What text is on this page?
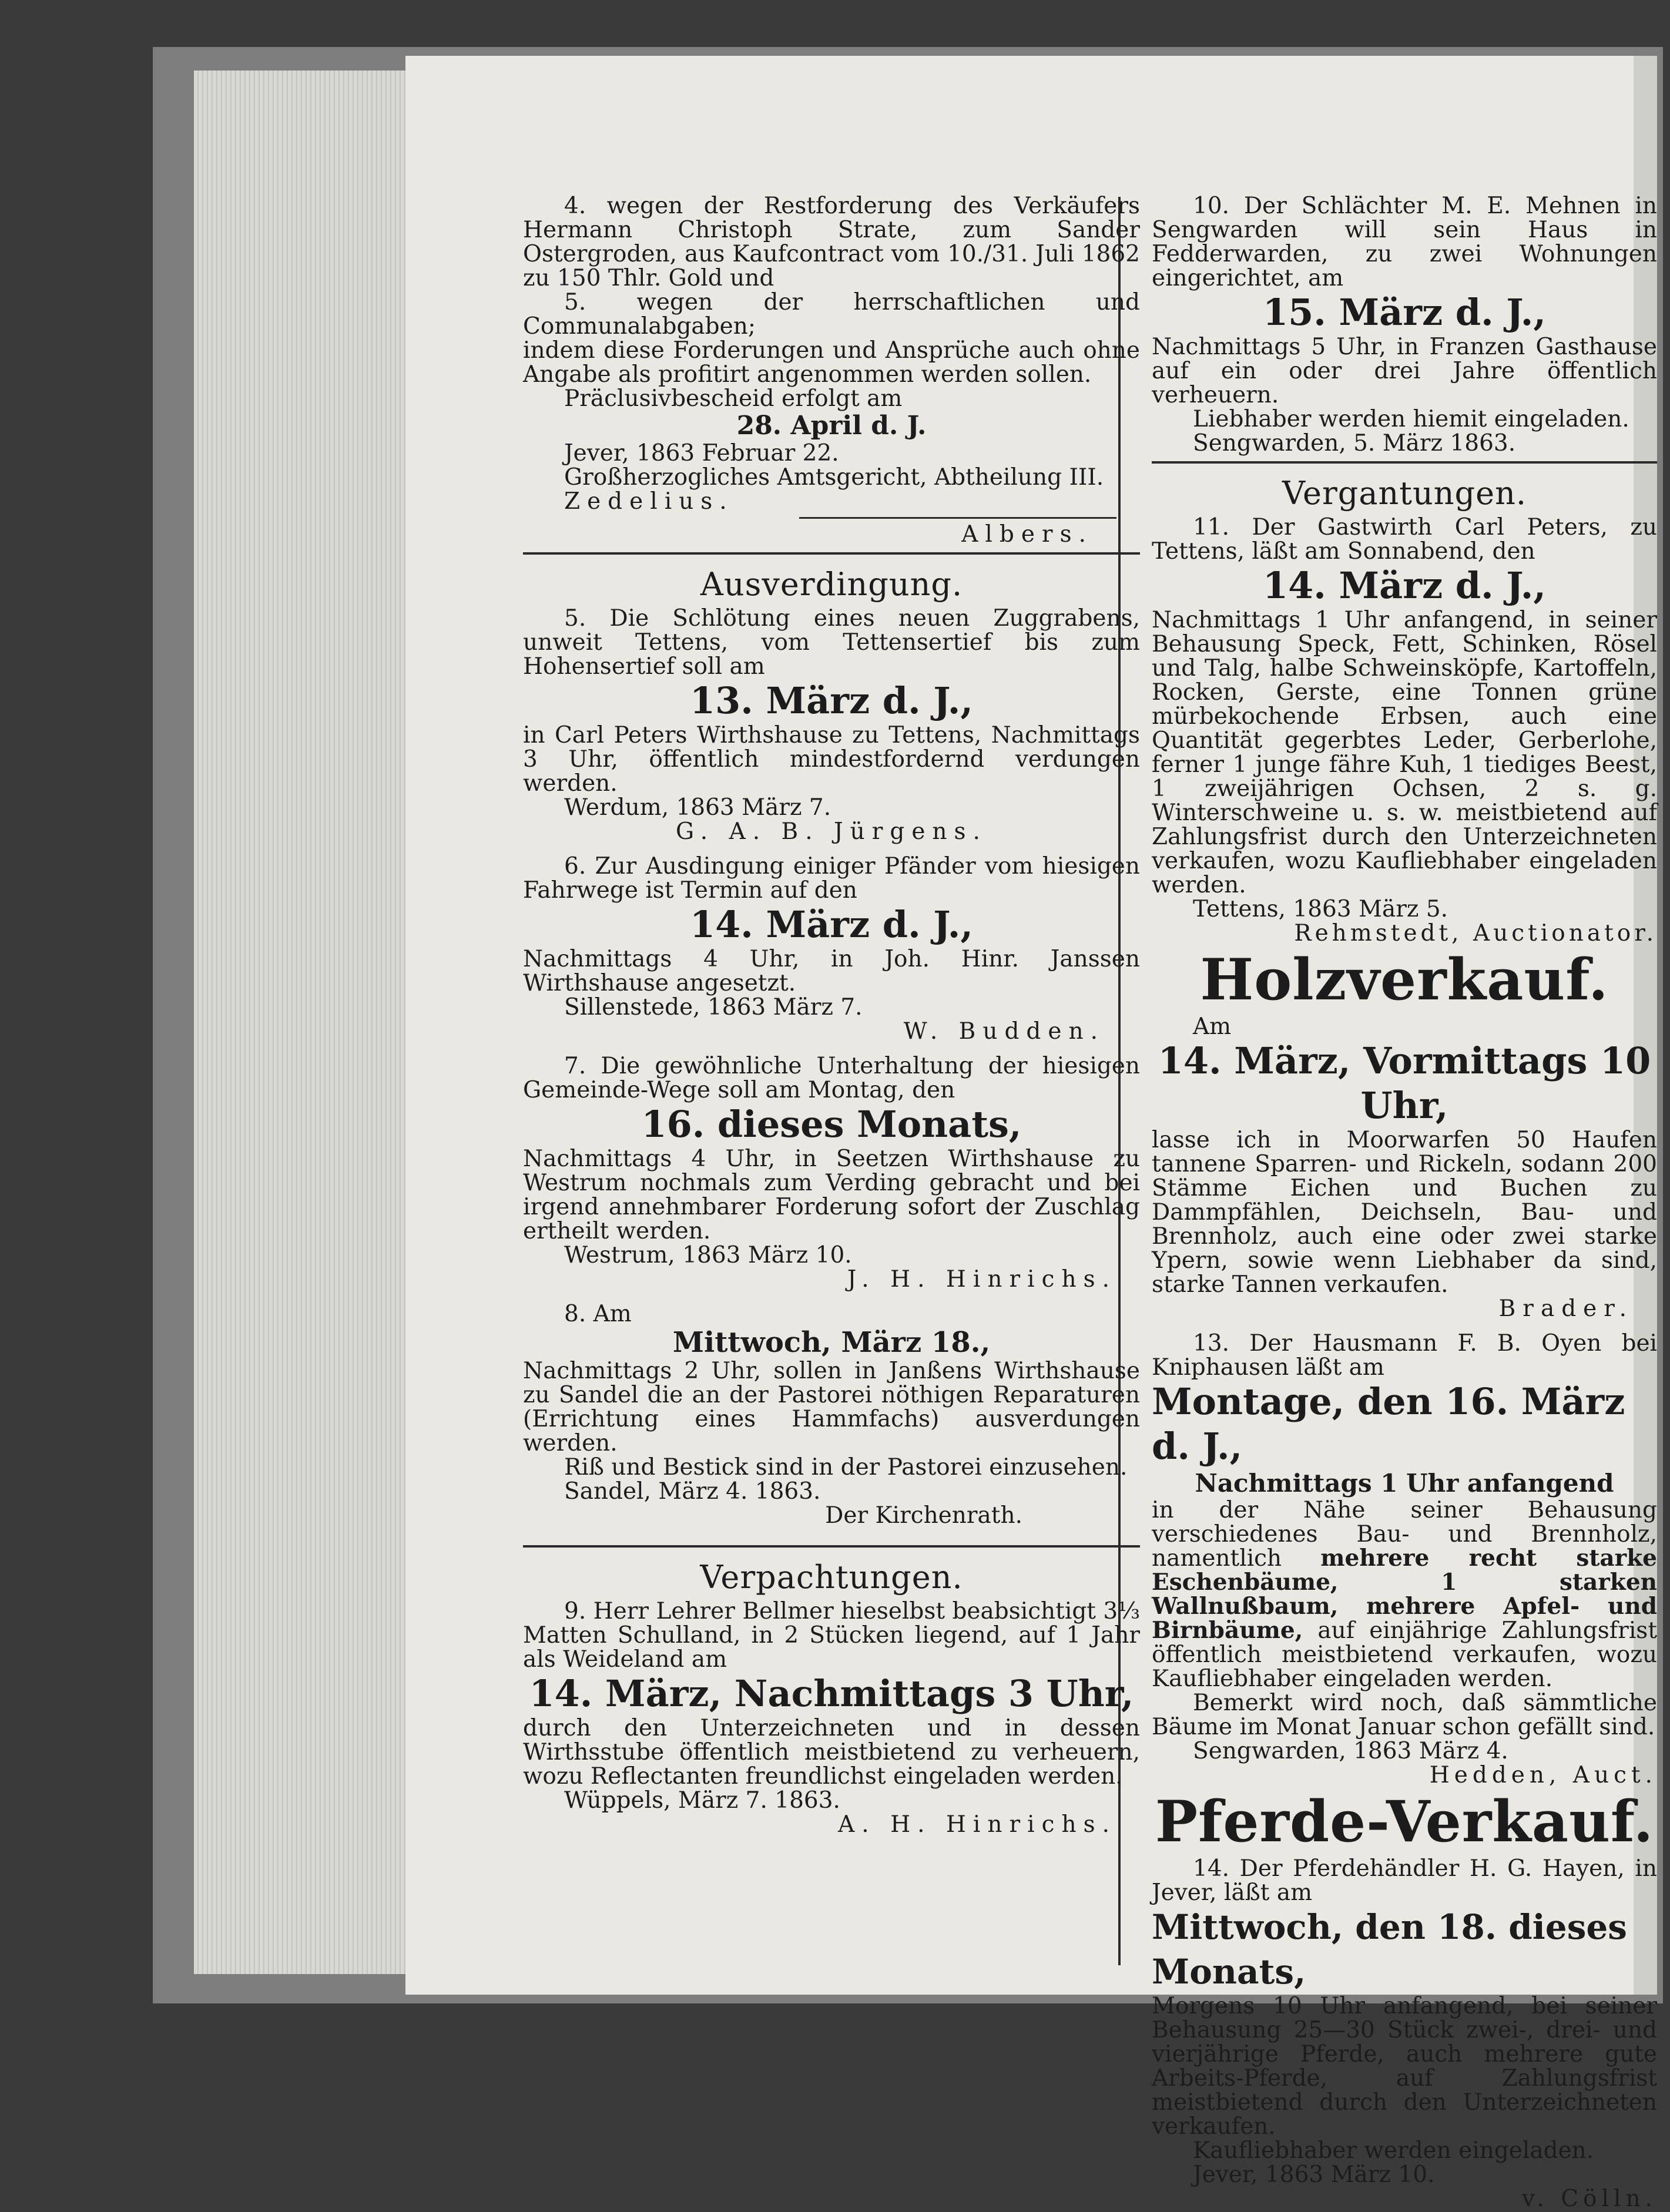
4. wegen der Restforderung des Verkäufers Hermann Christoph Strate, zum Sander Ostergroden, aus Kaufcontract vom 10./31. Juli 1862 zu 150 Thlr. Gold und

5. wegen der herrschaftlichen und Communalabgaben;

indem diese Forderungen und Ansprüche auch ohne Angabe als profitirt angenommen werden sollen.

Präclusivbescheid erfolgt am

28. April d. J.

Jever, 1863 Februar 22.

Großherzogliches Amtsgericht, Abtheilung III.

Zedelius.

Albers.

Ausverdingung.

5. Die Schlötung eines neuen Zuggrabens, unweit Tettens, vom Tettensertief bis zum Hohensertief soll am

13. März d. J.,

in Carl Peters Wirthshause zu Tettens, Nachmittags 3 Uhr, öffentlich mindestfordernd verdungen werden.

Werdum, 1863 März 7.

G. A. B. Jürgens.

6. Zur Ausdingung einiger Pfänder vom hiesigen Fahrwege ist Termin auf den

14. März d. J.,

Nachmittags 4 Uhr, in Joh. Hinr. Janssen Wirthshause angesetzt.

Sillenstede, 1863 März 7.

W. Budden.

7. Die gewöhnliche Unterhaltung der hiesigen Gemeinde-Wege soll am Montag, den

16. dieses Monats,

Nachmittags 4 Uhr, in Seetzen Wirthshause zu Westrum nochmals zum Verding gebracht und bei irgend annehmbarer Forderung sofort der Zuschlag ertheilt werden.

Westrum, 1863 März 10.

J. H. Hinrichs.

8. Am

Mittwoch, März 18.,

Nachmittags 2 Uhr, sollen in Janßens Wirthshause zu Sandel die an der Pastorei nöthigen Reparaturen (Errichtung eines Hammfachs) ausverdungen werden.

Riß und Bestick sind in der Pastorei einzusehen.

Sandel, März 4. 1863.

Der Kirchenrath.

Verpachtungen.

9. Herr Lehrer Bellmer hieselbst beabsichtigt 3⅓ Matten Schulland, in 2 Stücken liegend, auf 1 Jahr als Weideland am

14. März, Nachmittags 3 Uhr,

durch den Unterzeichneten und in dessen Wirthsstube öffentlich meistbietend zu verheuern, wozu Reflectanten freundlichst eingeladen werden.

Wüppels, März 7. 1863.

A. H. Hinrichs.

10. Der Schlächter M. E. Mehnen in Sengwarden will sein Haus in Fedderwarden, zu zwei Wohnungen eingerichtet, am

15. März d. J.,

Nachmittags 5 Uhr, in Franzen Gasthause auf ein oder drei Jahre öffentlich verheuern.

Liebhaber werden hiemit eingeladen.

Sengwarden, 5. März 1863.

Vergantungen.

11. Der Gastwirth Carl Peters, zu Tettens, läßt am Sonnabend, den

14. März d. J.,

Nachmittags 1 Uhr anfangend, in seiner Behausung Speck, Fett, Schinken, Rösel und Talg, halbe Schweinsköpfe, Kartoffeln, Rocken, Gerste, eine Tonnen grüne mürbekochende Erbsen, auch eine Quantität gegerbtes Leder, Gerberlohe, ferner 1 junge fähre Kuh, 1 tiediges Beest, 1 zweijährigen Ochsen, 2 s. g. Winterschweine u. s. w. meistbietend auf Zahlungsfrist durch den Unterzeichneten verkaufen, wozu Kaufliebhaber eingeladen werden.

Tettens, 1863 März 5.

Rehmstedt, Auctionator.

Holzverkauf.

Am

14. März, Vormittags 10 Uhr,

lasse ich in Moorwarfen 50 Haufen tannene Sparren- und Rickeln, sodann 200 Stämme Eichen und Buchen zu Dammpfählen, Deichseln, Bau- und Brennholz, auch eine oder zwei starke Ypern, sowie wenn Liebhaber da sind, starke Tannen verkaufen.

Brader.

13. Der Hausmann F. B. Oyen bei Kniphausen läßt am

Montage, den 16. März d. J.,

Nachmittags 1 Uhr anfangend

in der Nähe seiner Behausung verschiedenes Bau- und Brennholz, namentlich mehrere recht starke Eschenbäume, 1 starken Wallnußbaum, mehrere Apfel- und Birnbäume, auf einjährige Zahlungsfrist öffentlich meistbietend verkaufen, wozu Kaufliebhaber eingeladen werden.

Bemerkt wird noch, daß sämmtliche Bäume im Monat Januar schon gefällt sind.

Sengwarden, 1863 März 4.

Hedden, Auct.

Pferde-Verkauf.

14. Der Pferdehändler H. G. Hayen, in Jever, läßt am

Mittwoch, den 18. dieses Monats,

Morgens 10 Uhr anfangend, bei seiner Behausung 25—30 Stück zwei-, drei- und vierjährige Pferde, auch mehrere gute Arbeits-Pferde, auf Zahlungsfrist meistbietend durch den Unterzeichneten verkaufen.

Kaufliebhaber werden eingeladen.

Jever, 1863 März 10.

v. Cölln.
